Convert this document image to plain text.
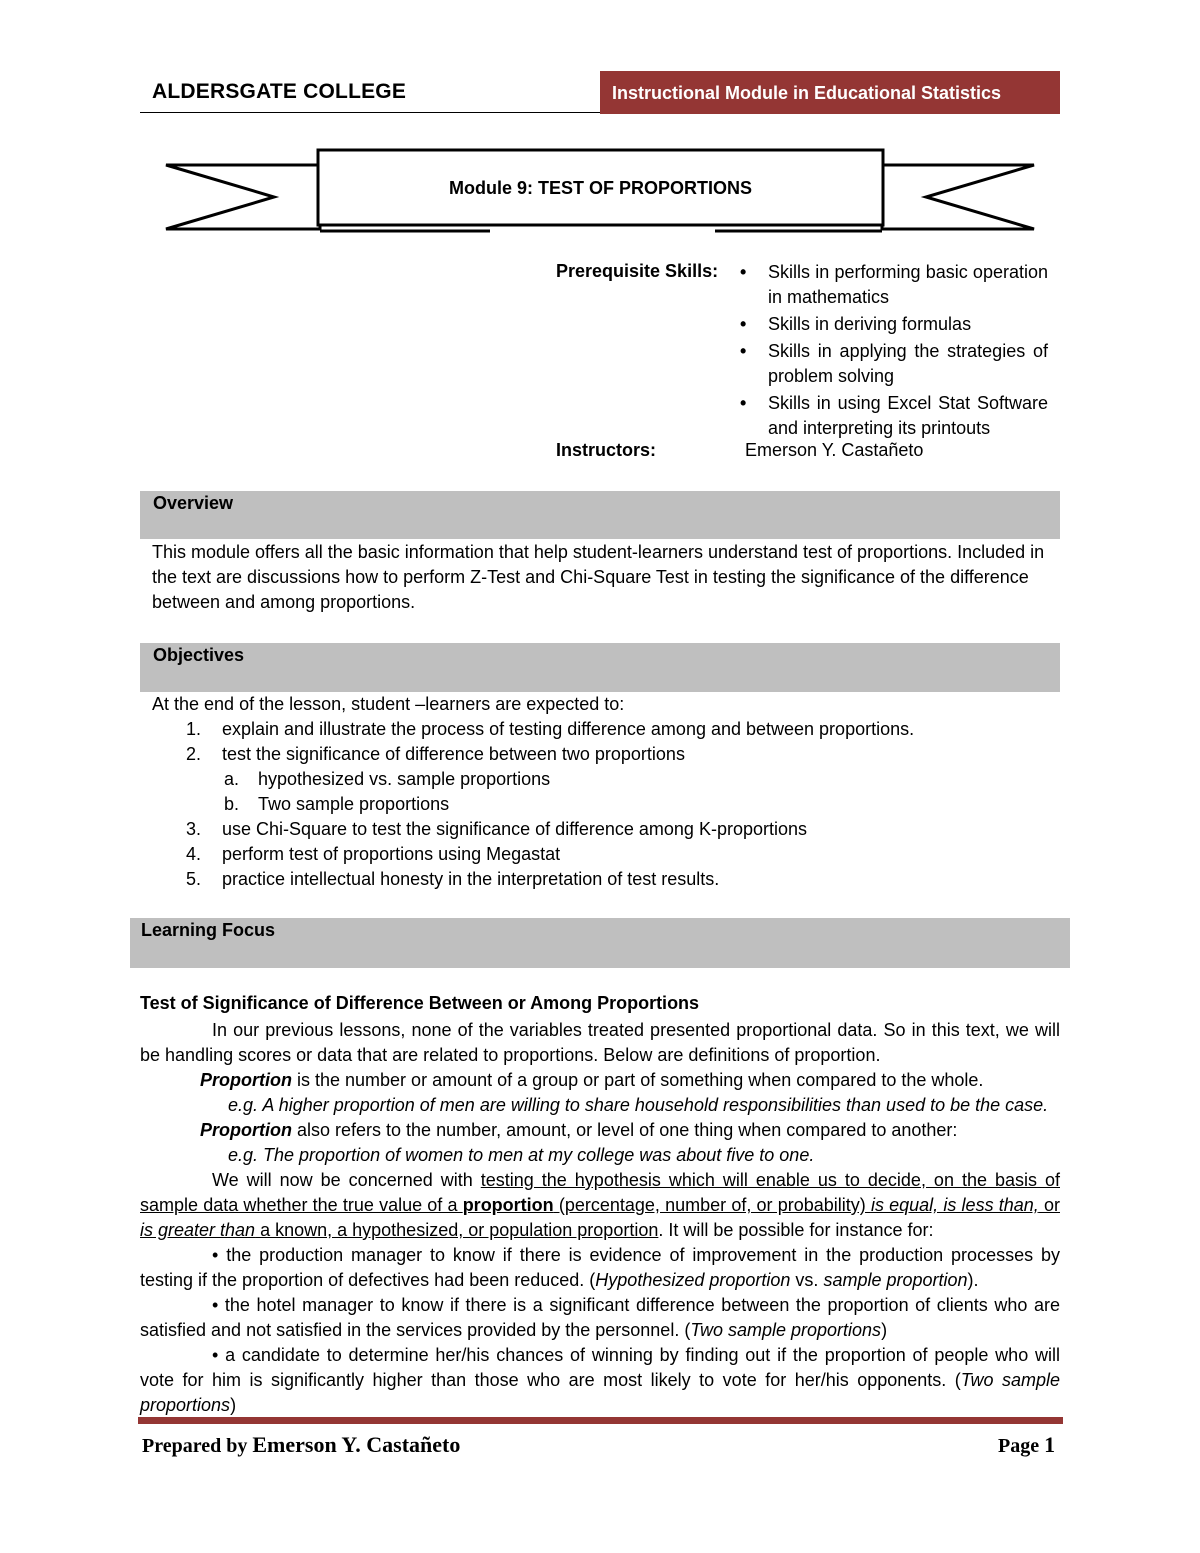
ALDERSGATE COLLEGE	Instructional Module in Educational Statistics
Module 9: TEST OF PROPORTIONS
Prerequisite Skills: • Skills in performing basic operation in mathematics
• Skills in deriving formulas
• Skills in applying the strategies of problem solving
• Skills in using Excel Stat Software and interpreting its printouts
Instructors:	Emerson Y. Castañeto
Overview
This module offers all the basic information that help student-learners understand test of proportions. Included in the text are discussions how to perform Z-Test and Chi-Square Test in testing the significance of the difference between and among proportions.
Objectives
At the end of the lesson, student –learners are expected to:
1. explain and illustrate the process of testing difference among and between proportions.
2. test the significance of difference between two proportions
a. hypothesized vs. sample proportions
b. Two sample proportions
3. use Chi-Square to test the significance of difference among K-proportions
4. perform test of proportions using Megastat
5. practice intellectual honesty in the interpretation of test results.
Learning Focus
Test of Significance of Difference Between or Among Proportions

In our previous lessons, none of the variables treated presented proportional data. So in this text, we will be handling scores or data that are related to proportions. Below are definitions of proportion.

Proportion is the number or amount of a group or part of something when compared to the whole.

e.g. A higher proportion of men are willing to share household responsibilities than used to be the case.

Proportion also refers to the number, amount, or level of one thing when compared to another:

e.g. The proportion of women to men at my college was about five to one.

We will now be concerned with testing the hypothesis which will enable us to decide, on the basis of sample data whether the true value of a proportion (percentage, number of, or probability) is equal, is less than, or is greater than a known, a hypothesized, or population proportion. It will be possible for instance for:

• the production manager to know if there is evidence of improvement in the production processes by testing if the proportion of defectives had been reduced. (Hypothesized proportion vs. sample proportion).

• the hotel manager to know if there is a significant difference between the proportion of clients who are satisfied and not satisfied in the services provided by the personnel. (Two sample proportions)

• a candidate to determine her/his chances of winning by finding out if the proportion of people who will vote for him is significantly higher than those who are most likely to vote for her/his opponents. (Two sample proportions)

Prepared by Emerson Y. Castañeto	Page 1
